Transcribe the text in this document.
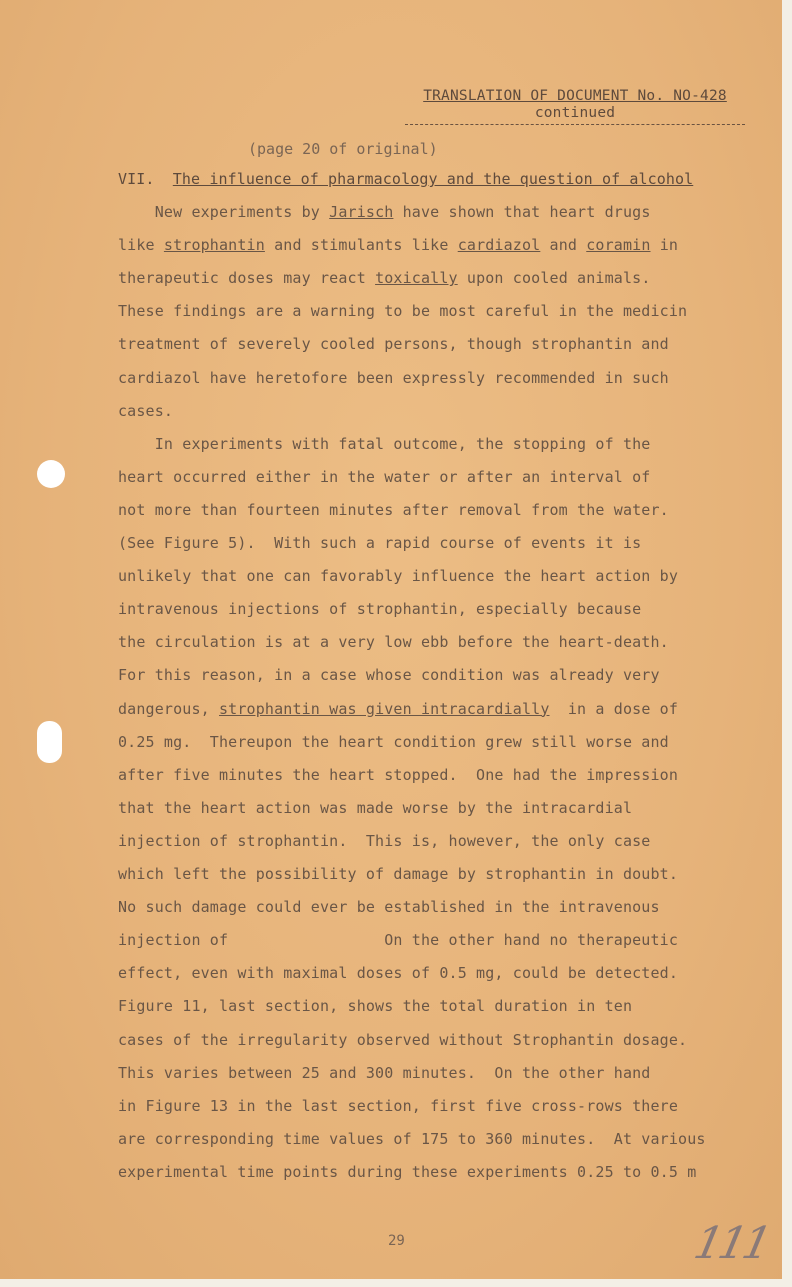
TRANSLATION OF DOCUMENT No. NO-428
continued
(page 20 of original)
VII. The influence of pharmacology and the question of alcohol
New experiments by Jarisch have shown that heart drugs
like strophantin and stimulants like cardiazol and coramin in
therapeutic doses may react toxically upon cooled animals.
These findings are a warning to be most careful in the medicin
treatment of severely cooled persons, though strophantin and
cardiazol have heretofore been expressly recommended in such
cases.
In experiments with fatal outcome, the stopping of the
heart occurred either in the water or after an interval of
not more than fourteen minutes after removal from the water.
(See Figure 5).  With such a rapid course of events it is
unlikely that one can favorably influence the heart action by
intravenous injections of strophantin, especially because
the circulation is at a very low ebb before the heart-death.
For this reason, in a case whose condition was already very
dangerous, strophantin was given intracardially  in a dose of
0.25 mg.  Thereupon the heart condition grew still worse and
after five minutes the heart stopped.  One had the impression
that the heart action was made worse by the intracardial
injection of strophantin.  This is, however, the only case
which left the possibility of damage by strophantin in doubt.
No such damage could ever be established in the intravenous
injection of                 On the other hand no therapeutic
effect, even with maximal doses of 0.5 mg, could be detected.
Figure 11, last section, shows the total duration in ten
cases of the irregularity observed without Strophantin dosage.
This varies between 25 and 300 minutes.  On the other hand
in Figure 13 in the last section, first five cross-rows there
are corresponding time values of 175 to 360 minutes.  At various
experimental time points during these experiments 0.25 to 0.5 m
29	111
